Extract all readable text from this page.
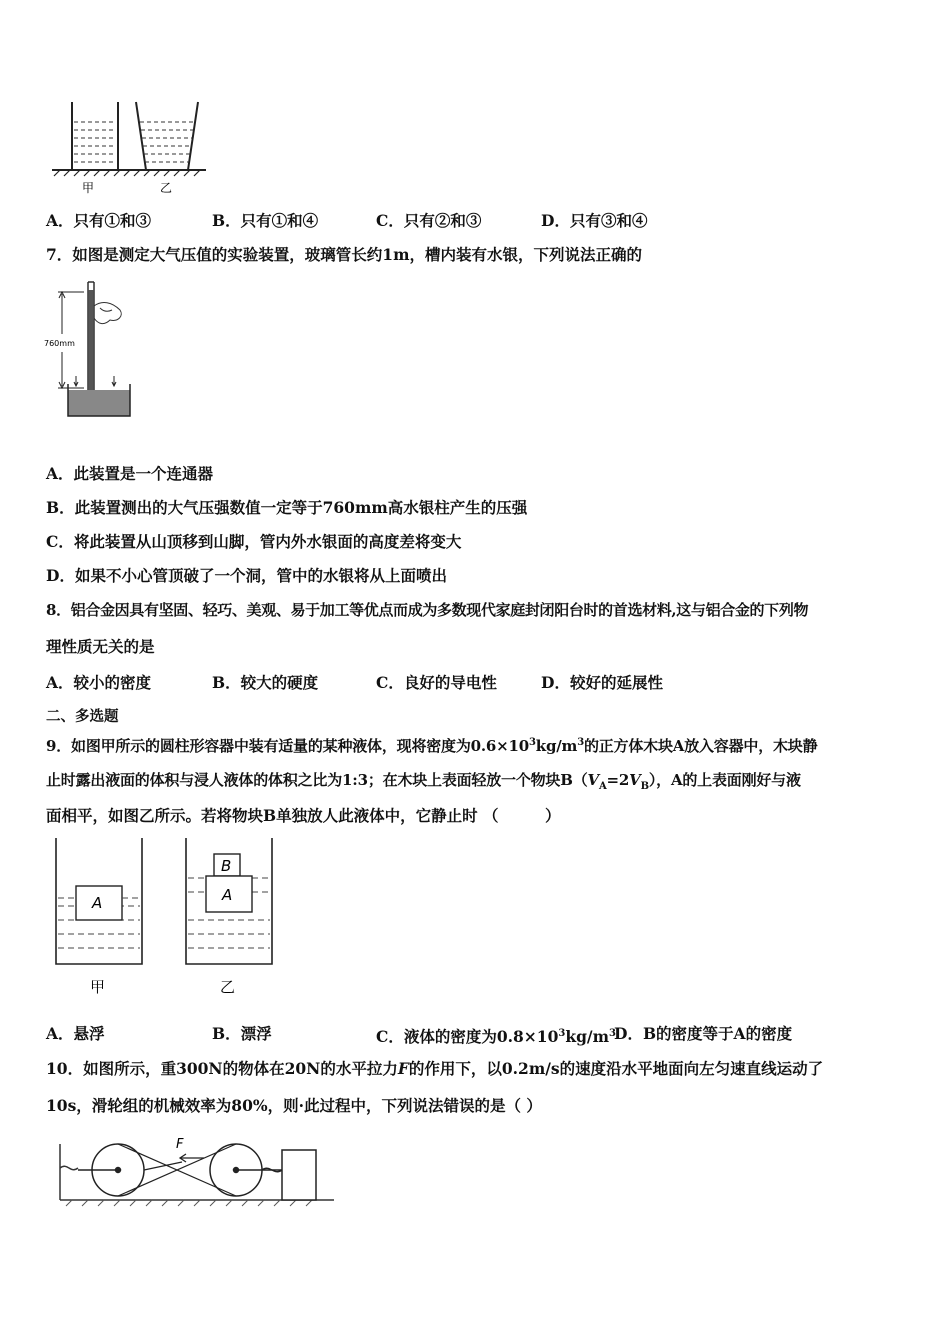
甲	乙
A．只有①和③	B．只有①和④	C．只有②和③	D．只有③和④
7．如图是测定大气压值的实验装置，玻璃管长约1m，槽内装有水银，下列说法正确的
760mm
A．此装置是一个连通器
B．此装置测出的大气压强数值一定等于760mm高水银柱产生的压强
C．将此装置从山顶移到山脚，管内外水银面的高度差将变大
D．如果不小心管顶破了一个洞，管中的水银将从上面喷出
8．铝合金因具有坚固、轻巧、美观、易于加工等优点而成为多数现代家庭封闭阳台时的首选材料,这与铝合金的下列物
理性质无关的是
A．较小的密度	B．较大的硬度	C．良好的导电性	D．较好的延展性
二、多选题
9．如图甲所示的圆柱形容器中装有适量的某种液体，现将密度为$0.6\times 10^3kg/m^3$的正方体木块A放入容器中，木块静
止时露出液面的体积与浸人液体的体积之比为1:3；在木块上表面轻放一个物块$B(V_A=2V_B)$，A的上表面刚好与液
面相平，如图乙所示。若将物块B单独放人此液体中，它静止时 （　　　）
A
B
A
甲	乙
A．悬浮	B．漂浮	C．液体的密度为$0.8\times 10^3kg/m^3$
D．B的密度等于A的密度
10．如图所示，重300N的物体在20N的水平拉力F的作用下，以0.2m/s的速度沿水平地面向左匀速直线运动了
10s，滑轮组的机械效率为80%，则·此过程中，下列说法错误的是（ ）
F
